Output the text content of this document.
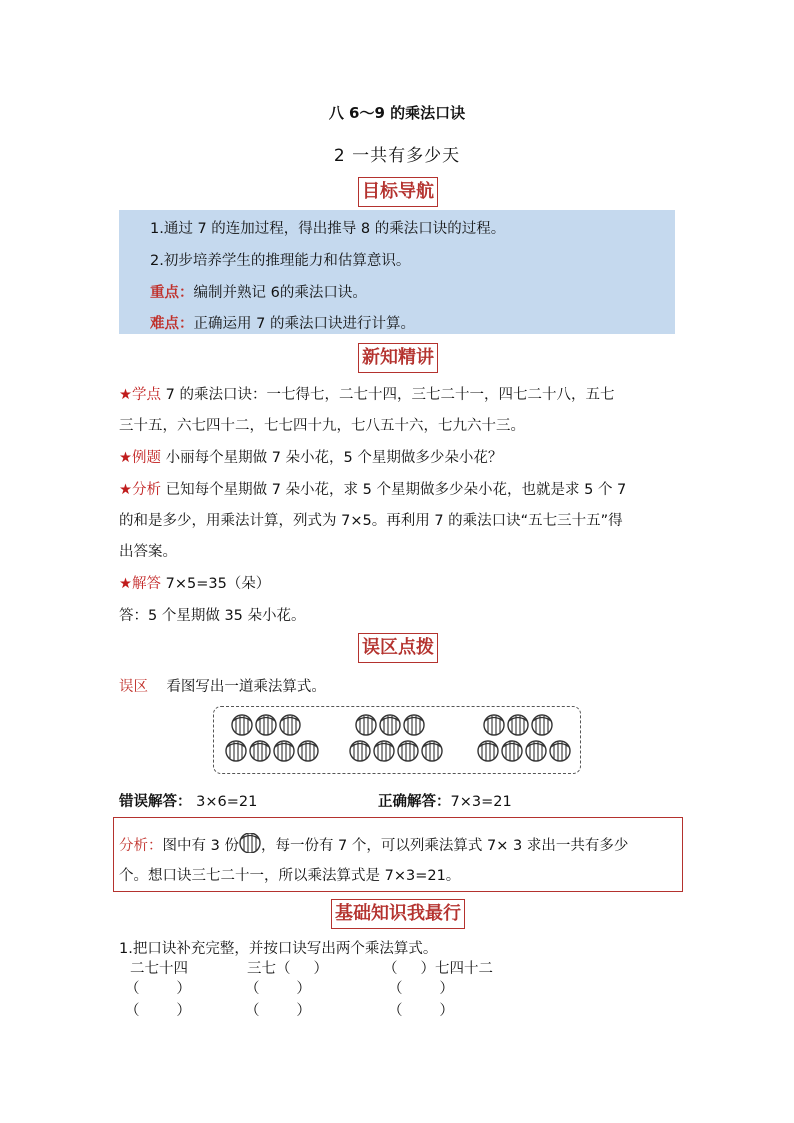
八 6～9 的乘法口诀
2 一共有多少天
目标导航
1.通过 7 的连加过程，得出推导 8 的乘法口诀的过程。
2.初步培养学生的推理能力和估算意识。
重点：编制并熟记 6的乘法口诀。
难点：正确运用 7 的乘法口诀进行计算。
新知精讲
★学点 7 的乘法口诀：一七得七，二七十四，三七二十一，四七二十八，五七
三十五，六七四十二，七七四十九，七八五十六，七九六十三。
★例题 小丽每个星期做 7 朵小花，5 个星期做多少朵小花？
★分析 已知每个星期做 7 朵小花，求 5 个星期做多少朵小花，也就是求 5 个 7
的和是多少，用乘法计算，列式为 7×5。再利用 7 的乘法口诀“五七三十五”得
出答案。
★解答 7×5=35（朵）
答：5 个星期做 35 朵小花。
误区点拨
误区 看图写出一道乘法算式。
错误解答： 3×6=21	正确解答：7×3=21
分析：图中有 3 份 ，每一份有 7 个，可以列乘法算式 7× 3 求出一共有多少
个。想口诀三七二十一，所以乘法算式是 7×3=21。
基础知识我最行
1.把口诀补充完整，并按口诀写出两个乘法算式。
二七十四	三七（     ）	（     ）七四十二
（        ）	（        ）	（        ）
（        ）	（        ）	（        ）
